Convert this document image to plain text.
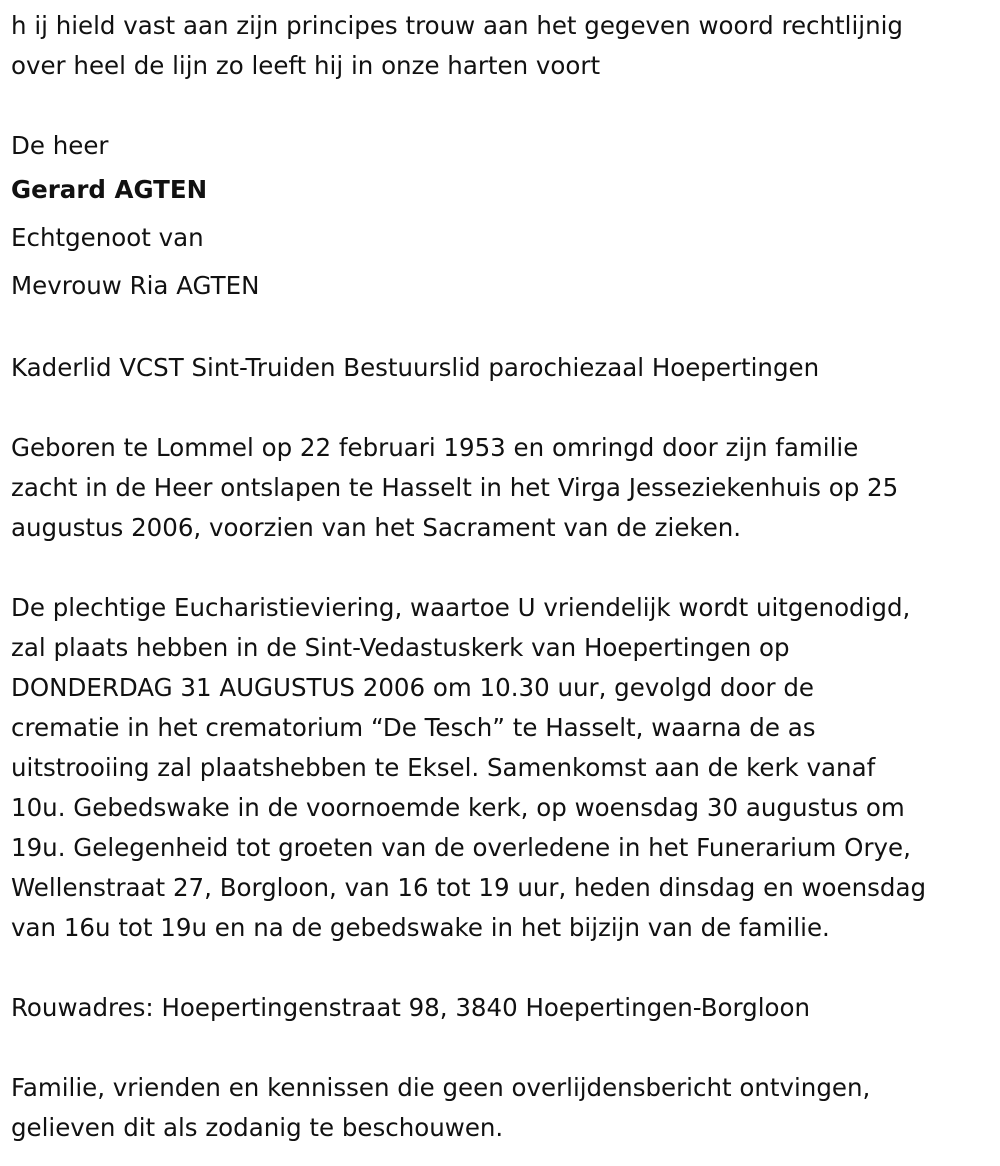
h ij hield vast aan zijn principes trouw aan het gegeven woord rechtlijnig
over heel de lijn zo leeft hij in onze harten voort

De heer

Gerard AGTEN

Echtgenoot van

Mevrouw Ria AGTEN

Kaderlid VCST Sint-Truiden Bestuurslid parochiezaal Hoepertingen

Geboren te Lommel op 22 februari 1953 en omringd door zijn familie
zacht in de Heer ontslapen te Hasselt in het Virga Jesseziekenhuis op 25
augustus 2006, voorzien van het Sacrament van de zieken.

De plechtige Eucharistieviering, waartoe U vriendelijk wordt uitgenodigd,
zal plaats hebben in de Sint-Vedastuskerk van Hoepertingen op
DONDERDAG 31 AUGUSTUS 2006 om 10.30 uur, gevolgd door de
crematie in het crematorium “De Tesch” te Hasselt, waarna de as
uitstrooiing zal plaatshebben te Eksel. Samenkomst aan de kerk vanaf
10u. Gebedswake in de voornoemde kerk, op woensdag 30 augustus om
19u. Gelegenheid tot groeten van de overledene in het Funerarium Orye,
Wellenstraat 27, Borgloon, van 16 tot 19 uur, heden dinsdag en woensdag
van 16u tot 19u en na de gebedswake in het bijzijn van de familie.

Rouwadres: Hoepertingenstraat 98, 3840 Hoepertingen-Borgloon

Familie, vrienden en kennissen die geen overlijdensbericht ontvingen,
gelieven dit als zodanig te beschouwen.
